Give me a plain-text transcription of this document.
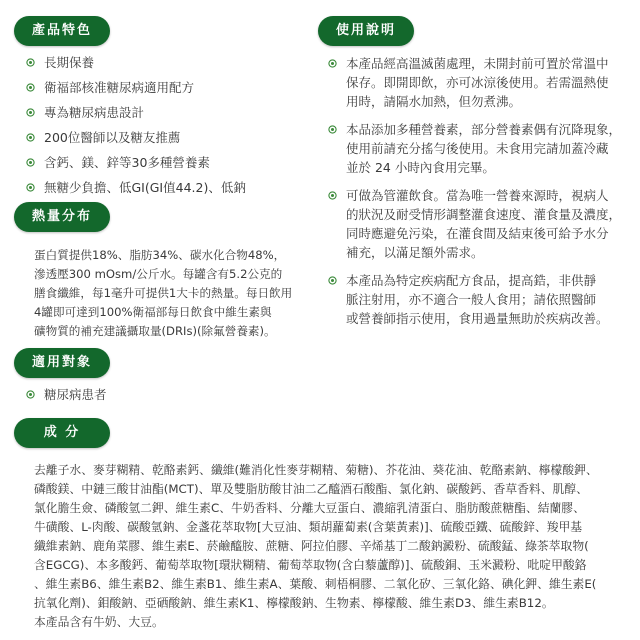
產品特色
長期保養
衛福部核准糖尿病適用配方
專為糖尿病患設計
200位醫師以及糖友推薦
含鈣、鎂、鋅等30多種營養素
無糖少負擔、低GI(GI值44.2)、低鈉
熱量分布
蛋白質提供18%、脂肪34%、碳水化合物48%，
滲透壓300 mOsm/公斤水。每罐含有5.2公克的
膳食纖維，每1毫升可提供1大卡的熱量。每日飲用
4罐即可達到100%衛福部每日飲食中維生素與
礦物質的補充建議攝取量(DRIs)(除氟營養素)。
適用對象
糖尿病患者
使用說明
本產品經高溫滅菌處理，未開封前可置於常溫中
保存。即開即飲，亦可冰涼後使用。若需溫熱使
用時，請隔水加熱，但勿煮沸。
本品添加多種營養素，部分營養素偶有沉降現象，
使用前請充分搖勻後使用。未食用完請加蓋冷藏
並於 24 小時內食用完畢。
可做為管灌飲食。當為唯一營養來源時，視病人
的狀況及耐受情形調整灌食速度、灌食量及濃度，
同時應避免污染，在灌食間及結束後可給予水分
補充，以滿足額外需求。
本產品為特定疾病配方食品，提高鋯，非供靜
脈注射用，亦不適合一般人食用；請依照醫師
或營養師指示使用，食用過量無助於疾病改善。
成 分
去離子水、麥芽糊精、乾酪素鈣、纖維(難消化性麥芽糊精、菊糖)、芥花油、葵花油、乾酪素鈉、檸檬酸鉀、
磷酸鎂、中鏈三酸甘油酯(MCT)、單及雙脂肪酸甘油二乙醯酒石酸酯、氯化鈉、碳酸鈣、香草香料、肌醇、
氯化膽生僉、磷酸氫二鉀、維生素C、牛奶香料、分離大豆蛋白、濃縮乳清蛋白、脂肪酸蔗糖酯、結蘭膠、
牛磺酸、L-肉酸、碳酸氫鈉、金盞花萃取物[大豆油、類胡蘿蔔素(含葉黃素)]、硫酸亞鐵、硫酸鋅、羧甲基
纖維素鈉、鹿角菜膠、維生素E、菸鹼醯胺、蔗糖、阿拉伯膠、辛烯基丁二酸鈉澱粉、硫酸錳、綠茶萃取物(
含EGCG)、本多酸鈣、葡萄萃取物[環狀糊精、葡萄萃取物(含白藜蘆醇)]、硫酸銅、玉米澱粉、吡啶甲酸鉻
、維生素B6、維生素B2、維生素B1、維生素A、葉酸、刺梧桐膠、二氧化矽、三氧化鉻、碘化鉀、維生素E(
抗氧化劑)、鉬酸鈉、亞硒酸鈉、維生素K1、檸檬酸鈉、生物素、檸檬酸、維生素D3、維生素B12。
本產品含有牛奶、大豆。
